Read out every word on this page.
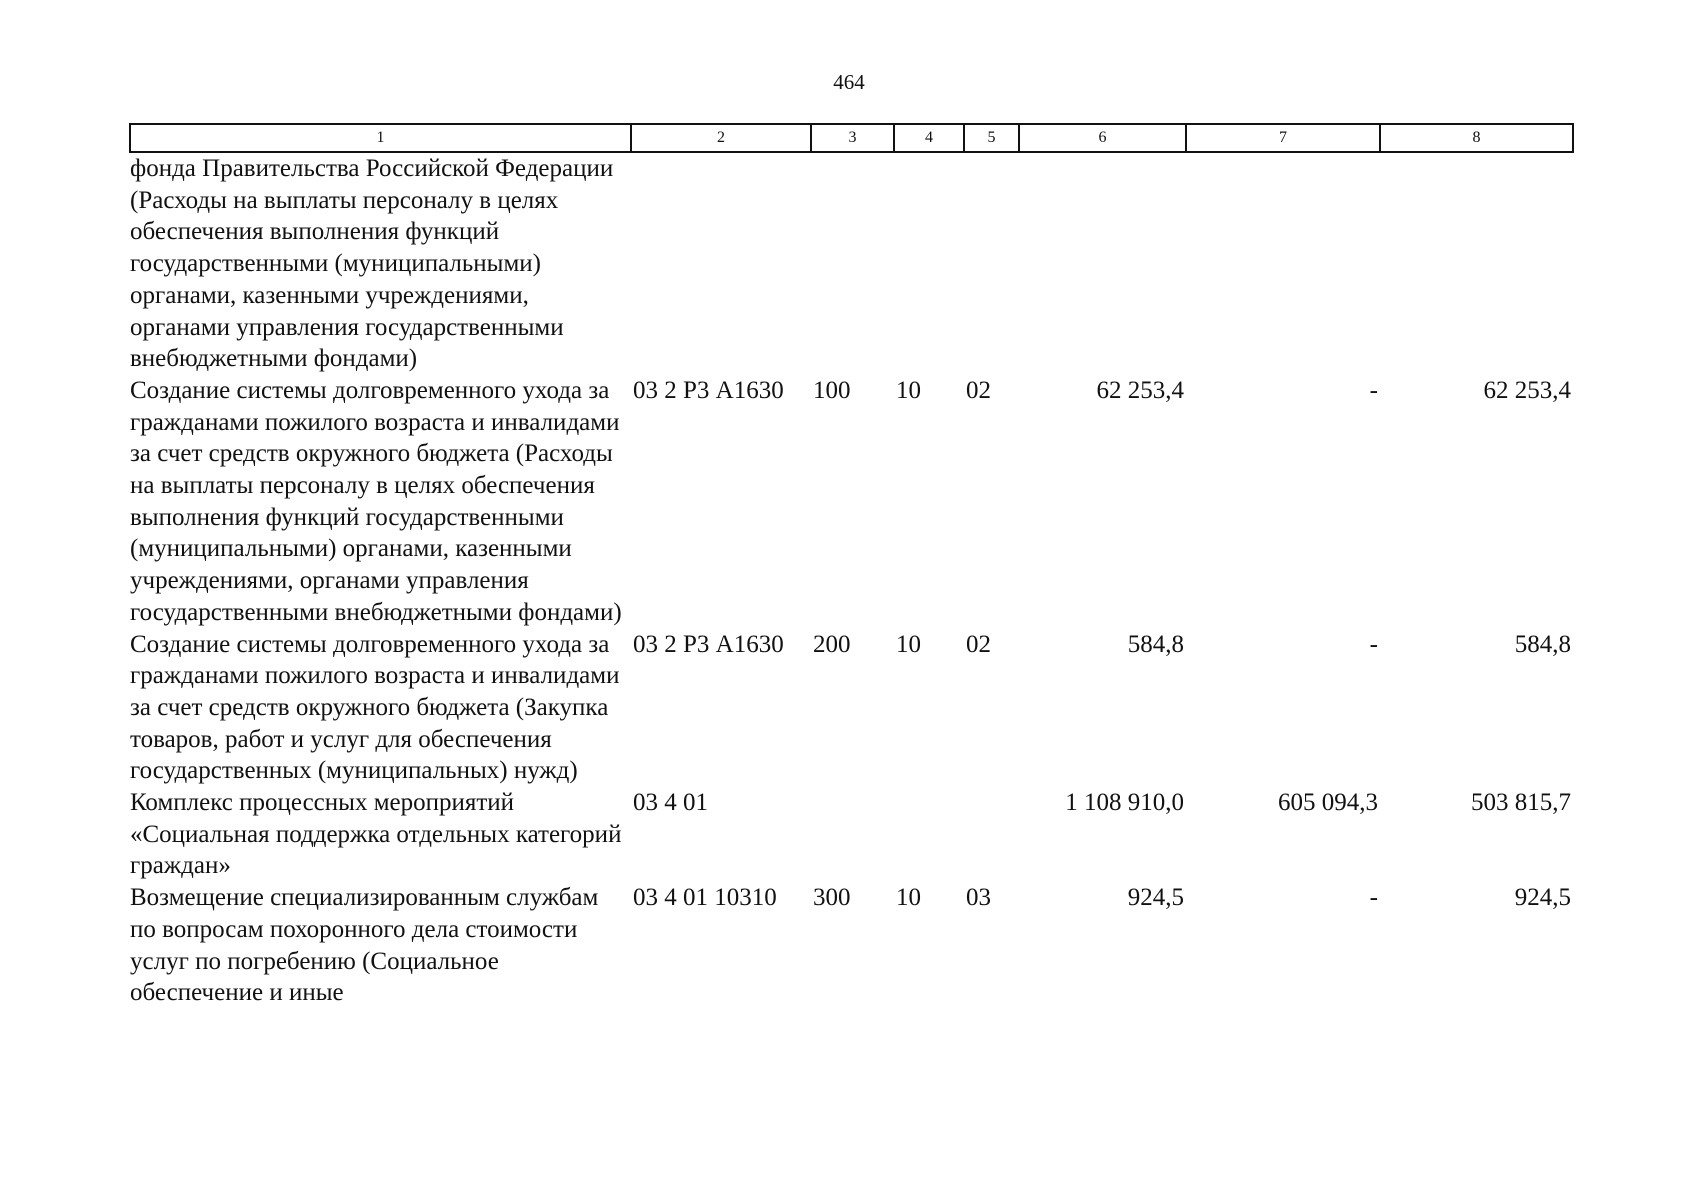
464
1	2	3	4	5	6	7	8
фонда Правительства Российской Федерации (Расходы на выплаты персоналу в целях обеспечения выполнения функций государственными (муниципальными) органами, казенными учреждениями, органами управления государственными внебюджетными фондами)							
Создание системы долговременного ухода за гражданами пожилого возраста и инвалидами за счет средств окружного бюджета (Расходы на выплаты персоналу в целях обеспечения выполнения функций государственными (муниципальными) органами, казенными учреждениями, органами управления государственными внебюджетными фондами)	03 2 Р3 А1630	100	10	02	62 253,4	-	62 253,4
Создание системы долговременного ухода за гражданами пожилого возраста и инвалидами за счет средств окружного бюджета (Закупка товаров, работ и услуг для обеспечения государственных (муниципальных) нужд)	03 2 Р3 А1630	200	10	02	584,8	-	584,8
Комплекс процессных мероприятий «Социальная поддержка отдельных категорий граждан»	03 4 01				1 108 910,0	605 094,3	503 815,7
Возмещение специализированным службам по вопросам похоронного дела стоимости услуг по погребению (Социальное обеспечение и иные	03 4 01 10310	300	10	03	924,5	-	924,5
